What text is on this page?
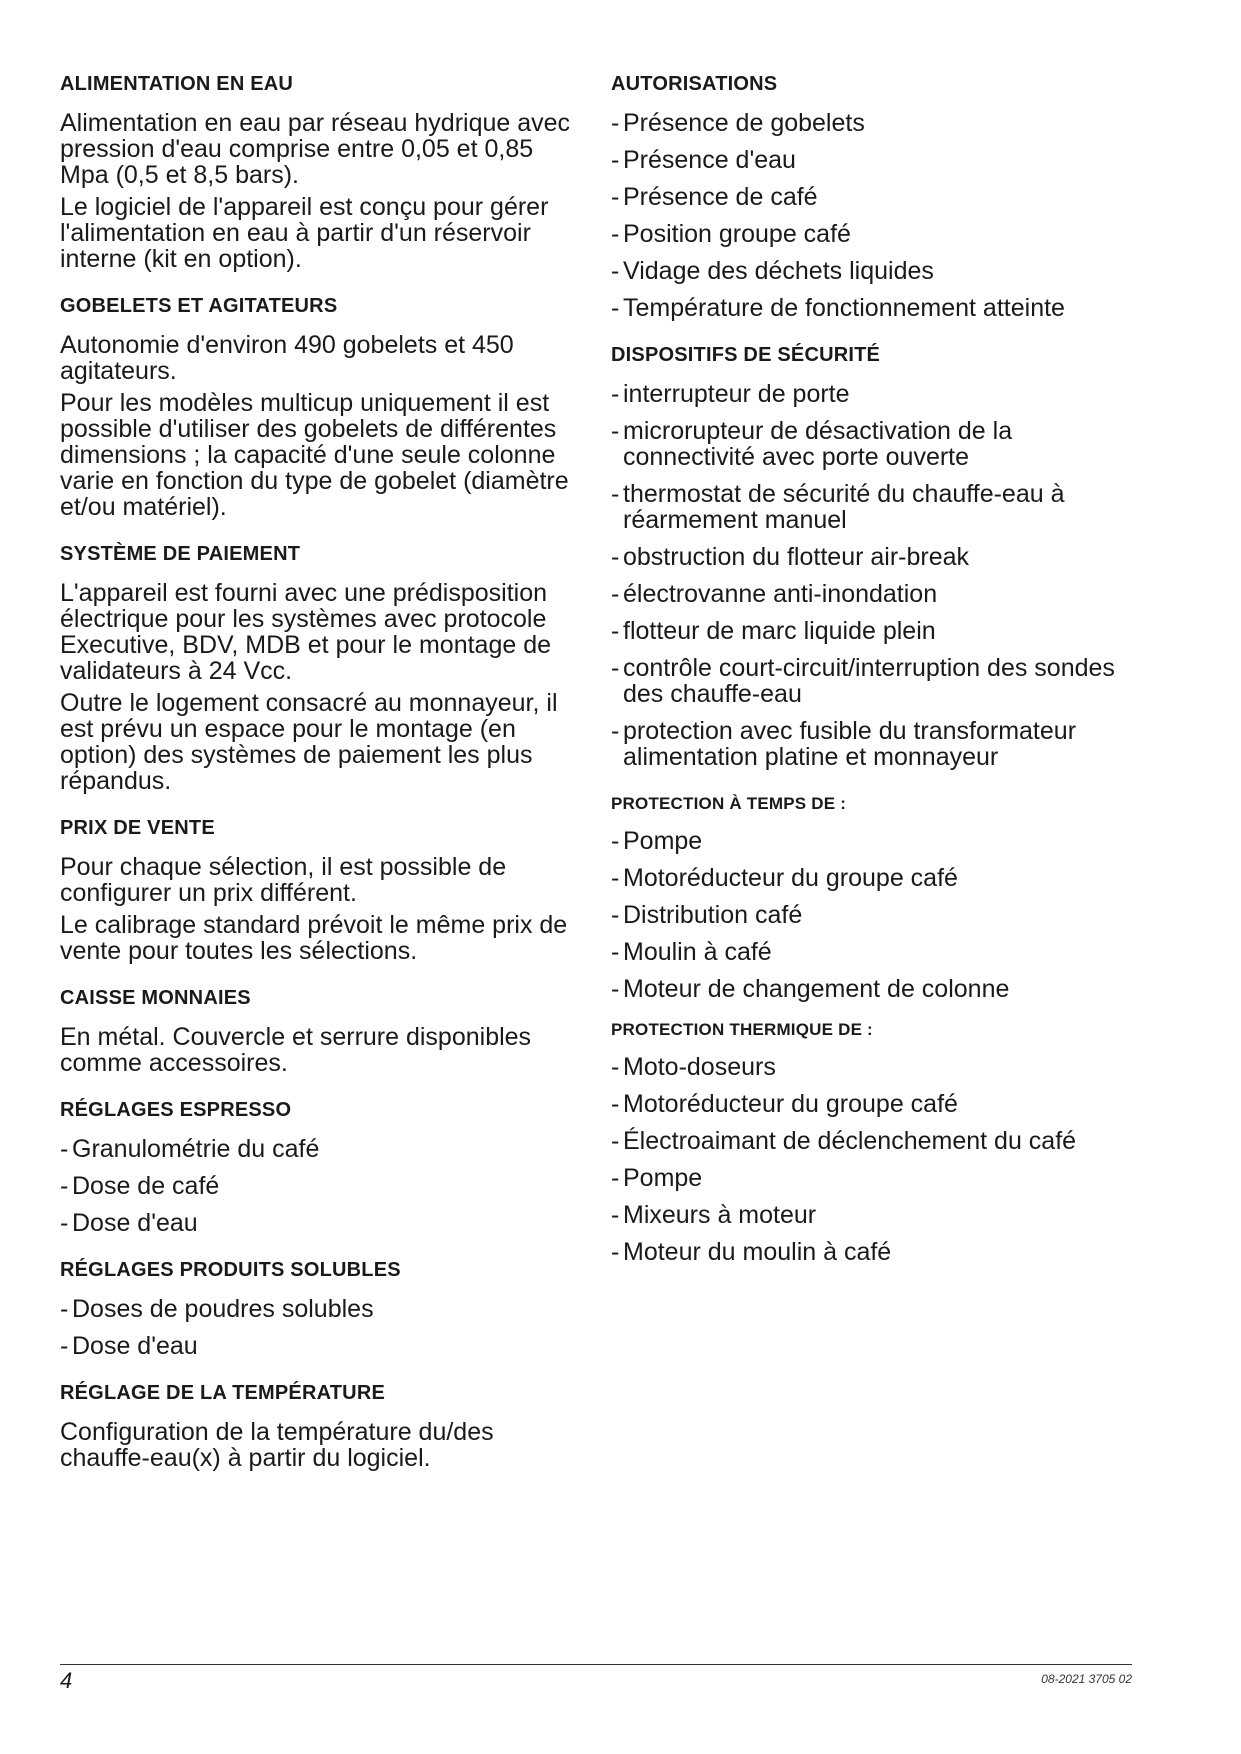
ALIMENTATION EN EAU

Alimentation en eau par réseau hydrique avec pression d'eau comprise entre 0,05 et 0,85 Mpa (0,5 et 8,5 bars).

Le logiciel de l'appareil est conçu pour gérer l'alimentation en eau à partir d'un réservoir interne (kit en option).

GOBELETS ET AGITATEURS

Autonomie d'environ 490 gobelets et 450 agitateurs.

Pour les modèles multicup uniquement il est possible d'utiliser des gobelets de différentes dimensions ; la capacité d'une seule colonne varie en fonction du type de gobelet (diamètre et/ou matériel).

SYSTÈME DE PAIEMENT

L'appareil est fourni avec une prédisposition électrique pour les systèmes avec protocole Executive, BDV, MDB et pour le montage de validateurs à 24 Vcc.

Outre le logement consacré au monnayeur, il est prévu un espace pour le montage (en option) des systèmes de paiement les plus répandus.

PRIX DE VENTE

Pour chaque sélection, il est possible de configurer un prix différent.

Le calibrage standard prévoit le même prix de vente pour toutes les sélections.

CAISSE MONNAIES

En métal. Couvercle et serrure disponibles comme accessoires.

RÉGLAGES ESPRESSO
- Granulométrie du café
- Dose de café
- Dose d'eau
RÉGLAGES PRODUITS SOLUBLES
- Doses de poudres solubles
- Dose d'eau
RÉGLAGE DE LA TEMPÉRATURE

Configuration de la température du/des chauffe-eau(x) à partir du logiciel.

AUTORISATIONS
- Présence de gobelets
- Présence d'eau
- Présence de café
- Position groupe café
- Vidage des déchets liquides
- Température de fonctionnement atteinte
DISPOSITIFS DE SÉCURITÉ
- interrupteur de porte
- microrupteur de désactivation de la connectivité avec porte ouverte
- thermostat de sécurité du chauffe-eau à réarmement manuel
- obstruction du flotteur air-break
- électrovanne anti-inondation
- flotteur de marc liquide plein
- contrôle court-circuit/interruption des sondes des chauffe-eau
- protection avec fusible du transformateur alimentation platine et monnayeur
PROTECTION À TEMPS DE :
- Pompe
- Motoréducteur du groupe café
- Distribution café
- Moulin à café
- Moteur de changement de colonne
PROTECTION THERMIQUE DE :
- Moto-doseurs
- Motoréducteur du groupe café
- Électroaimant de déclenchement du café
- Pompe
- Mixeurs à moteur
- Moteur du moulin à café
4	08-2021 3705 02
